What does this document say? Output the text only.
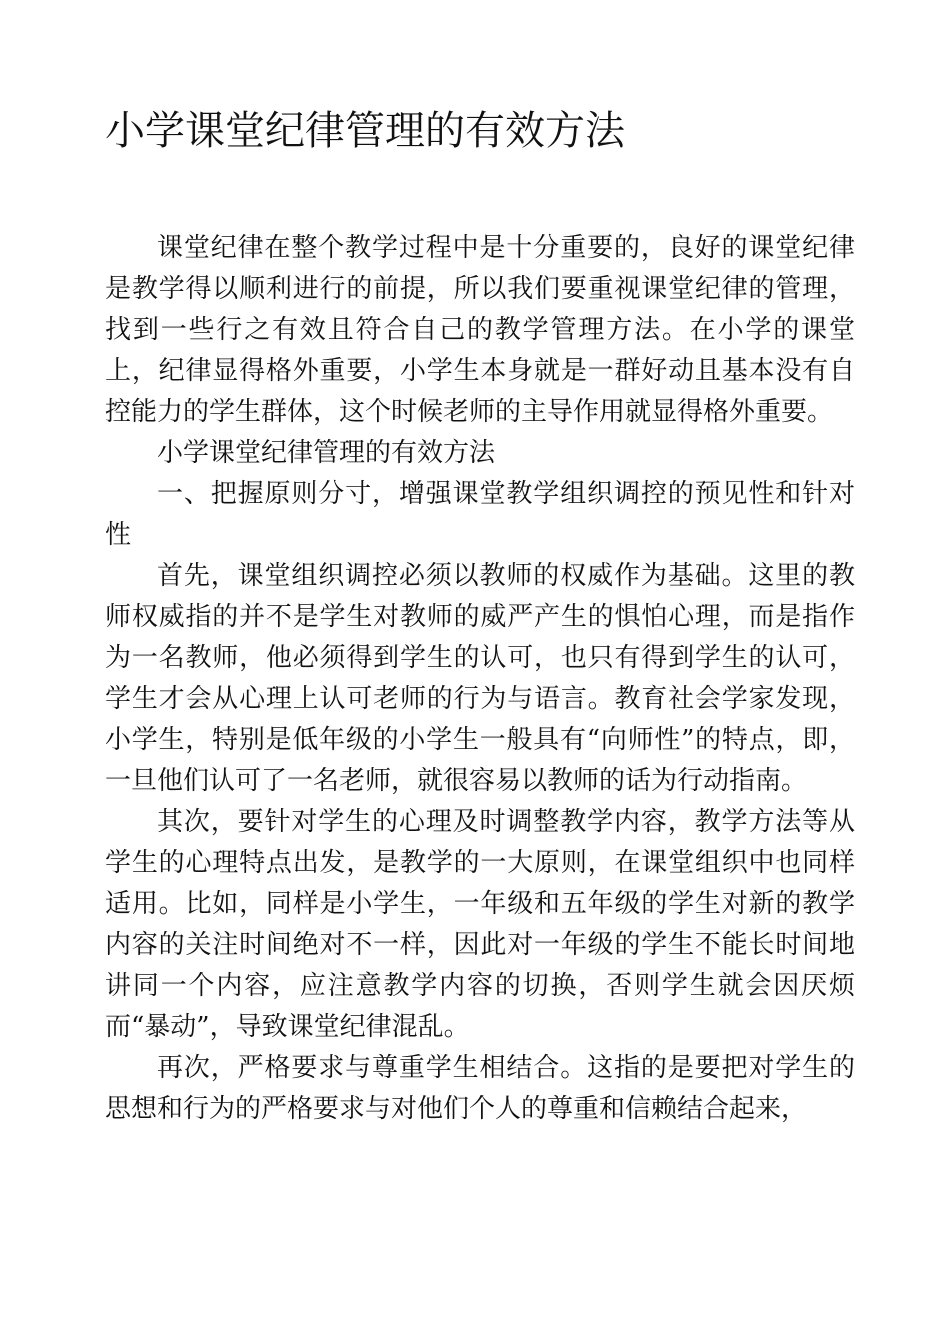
小学课堂纪律管理的有效方法

课堂纪律在整个教学过程中是十分重要的，良好的课堂纪律是教学得以顺利进行的前提，所以我们要重视课堂纪律的管理，找到一些行之有效且符合自己的教学管理方法。在小学的课堂上，纪律显得格外重要，小学生本身就是一群好动且基本没有自控能力的学生群体，这个时候老师的主导作用就显得格外重要。

小学课堂纪律管理的有效方法

一、把握原则分寸，增强课堂教学组织调控的预见性和针对性

首先，课堂组织调控必须以教师的权威作为基础。这里的教师权威指的并不是学生对教师的威严产生的惧怕心理，而是指作为一名教师，他必须得到学生的认可，也只有得到学生的认可，学生才会从心理上认可老师的行为与语言。教育社会学家发现，小学生，特别是低年级的小学生一般具有“向师性”的特点，即，一旦他们认可了一名老师，就很容易以教师的话为行动指南。

其次，要针对学生的心理及时调整教学内容，教学方法等从学生的心理特点出发，是教学的一大原则，在课堂组织中也同样适用。比如，同样是小学生，一年级和五年级的学生对新的教学内容的关注时间绝对不一样，因此对一年级的学生不能长时间地讲同一个内容，应注意教学内容的切换，否则学生就会因厌烦而“暴动”，导致课堂纪律混乱。

再次，严格要求与尊重学生相结合。这指的是要把对学生的思想和行为的严格要求与对他们个人的尊重和信赖结合起来，
